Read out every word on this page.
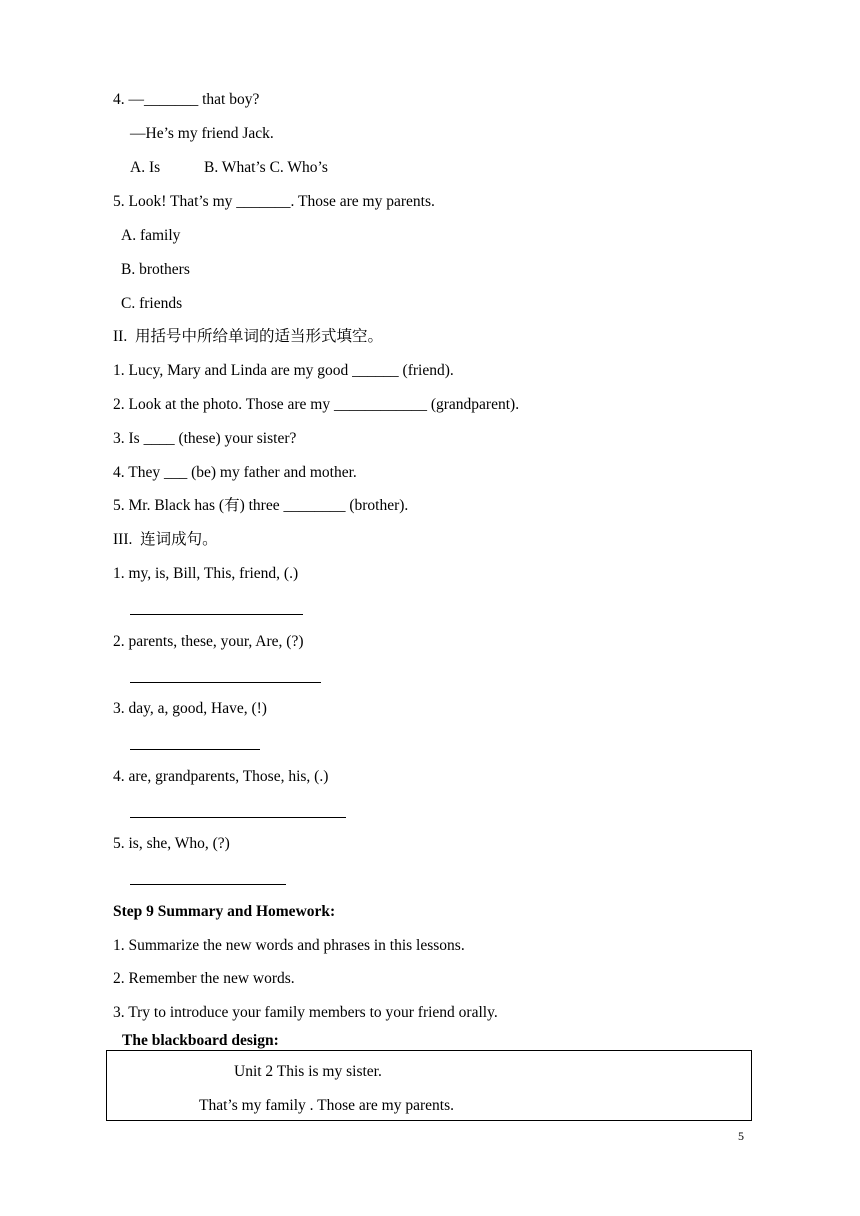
4. —_______ that boy?
—He’s my friend Jack.
A. Is	B. What’s C. Who’s
5. Look! That’s my _______. Those are my parents.
A. family
B. brothers
C. friends
II.  用括号中所给单词的适当形式填空。
1. Lucy, Mary and Linda are my good ______ (friend).
2. Look at the photo. Those are my ____________ (grandparent).
3. Is ____ (these) your sister?
4. They ___ (be) my father and mother.
5. Mr. Black has (有) three ________ (brother).
III.  连词成句。
1. my, is, Bill, This, friend, (.)
2. parents, these, your, Are, (?)
3. day, a, good, Have, (!)
4. are, grandparents, Those, his, (.)
5. is, she, Who, (?)
Step 9 Summary and Homework:
1. Summarize the new words and phrases in this lessons.
2. Remember the new words.
3. Try to introduce your family members to your friend orally.
The blackboard design:
Unit 2 This is my sister.
That’s my family . Those are my parents.
5
